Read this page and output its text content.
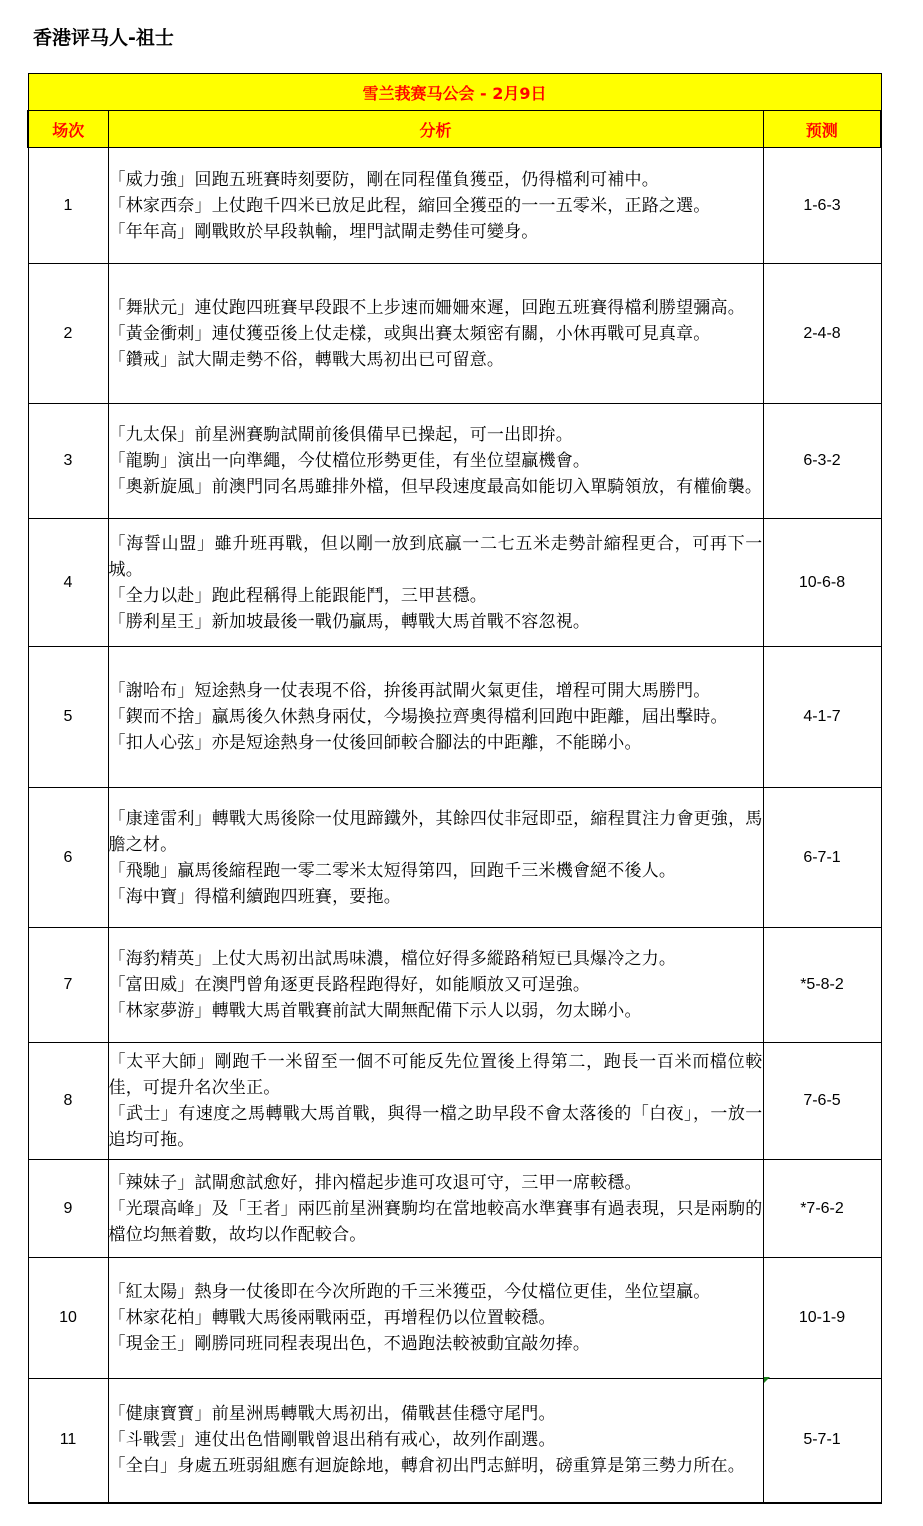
香港评马人-祖士
雪兰莪赛马公会 - 2月9日		
场次	分析	预测
1	「威力強」回跑五班賽時刻要防，剛在同程僅負獲亞，仍得檔利可補中。
「林家西奈」上仗跑千四米已放足此程，縮回全獲亞的一一五零米，正路之選。
「年年高」剛戰敗於早段執輸，埋門試閘走勢佳可變身。	1-6-3
2	「舞狀元」連仗跑四班賽早段跟不上步速而姍姍來遲，回跑五班賽得檔利勝望彌高。
「黃金衝刺」連仗獲亞後上仗走樣，或與出賽太頻密有關，小休再戰可見真章。
「鑽戒」試大閘走勢不俗，轉戰大馬初出已可留意。	2-4-8
3	「九太保」前星洲賽駒試閘前後俱備早已操起，可一出即拚。
「龍駒」演出一向準繩，今仗檔位形勢更佳，有坐位望贏機會。
「奧新旋風」前澳門同名馬雖排外檔，但早段速度最高如能切入單騎領放，有權偷襲。	6-3-2
4	「海誓山盟」雖升班再戰，但以剛一放到底贏一二七五米走勢計縮程更合，可再下一城。
「全力以赴」跑此程稱得上能跟能鬥，三甲甚穩。
「勝利星王」新加坡最後一戰仍贏馬，轉戰大馬首戰不容忽視。	10-6-8
5	「謝哈布」短途熱身一仗表現不俗，拚後再試閘火氣更佳，增程可開大馬勝門。
「鍥而不捨」贏馬後久休熱身兩仗，今場換拉齊奧得檔利回跑中距離，屆出擊時。
「扣人心弦」亦是短途熱身一仗後回師較合腳法的中距離，不能睇小。	4-1-7
6	「康達雷利」轉戰大馬後除一仗甩蹄鐵外，其餘四仗非冠即亞，縮程貫注力會更強，馬膽之材。
「飛馳」贏馬後縮程跑一零二零米太短得第四，回跑千三米機會絕不後人。
「海中寶」得檔利續跑四班賽，要拖。	6-7-1
7	「海豹精英」上仗大馬初出試馬味濃，檔位好得多縱路稍短已具爆冷之力。
「富田威」在澳門曾角逐更長路程跑得好，如能順放又可逞強。
「林家夢游」轉戰大馬首戰賽前試大閘無配備下示人以弱，勿太睇小。	*5-8-2
8	「太平大師」剛跑千一米留至一個不可能反先位置後上得第二，跑長一百米而檔位較佳，可提升名次坐正。
「武士」有速度之馬轉戰大馬首戰，與得一檔之助早段不會太落後的「白夜」，一放一追均可拖。	7-6-5
9	「辣妹子」試閘愈試愈好，排內檔起步進可攻退可守，三甲一席較穩。
「光環高峰」及「王者」兩匹前星洲賽駒均在當地較高水準賽事有過表現，只是兩駒的檔位均無着數，故均以作配較合。	*7-6-2
10	「紅太陽」熱身一仗後即在今次所跑的千三米獲亞，今仗檔位更佳，坐位望贏。
「林家花柏」轉戰大馬後兩戰兩亞，再增程仍以位置較穩。
「現金王」剛勝同班同程表現出色，不過跑法較被動宜敲勿捧。	10-1-9
11	「健康寶寶」前星洲馬轉戰大馬初出，備戰甚佳穩守尾門。
「斗戰雲」連仗出色惜剛戰曾退出稍有戒心，故列作副選。
「全白」身處五班弱組應有迴旋餘地，轉倉初出門志鮮明，磅重算是第三勢力所在。	5-7-1
